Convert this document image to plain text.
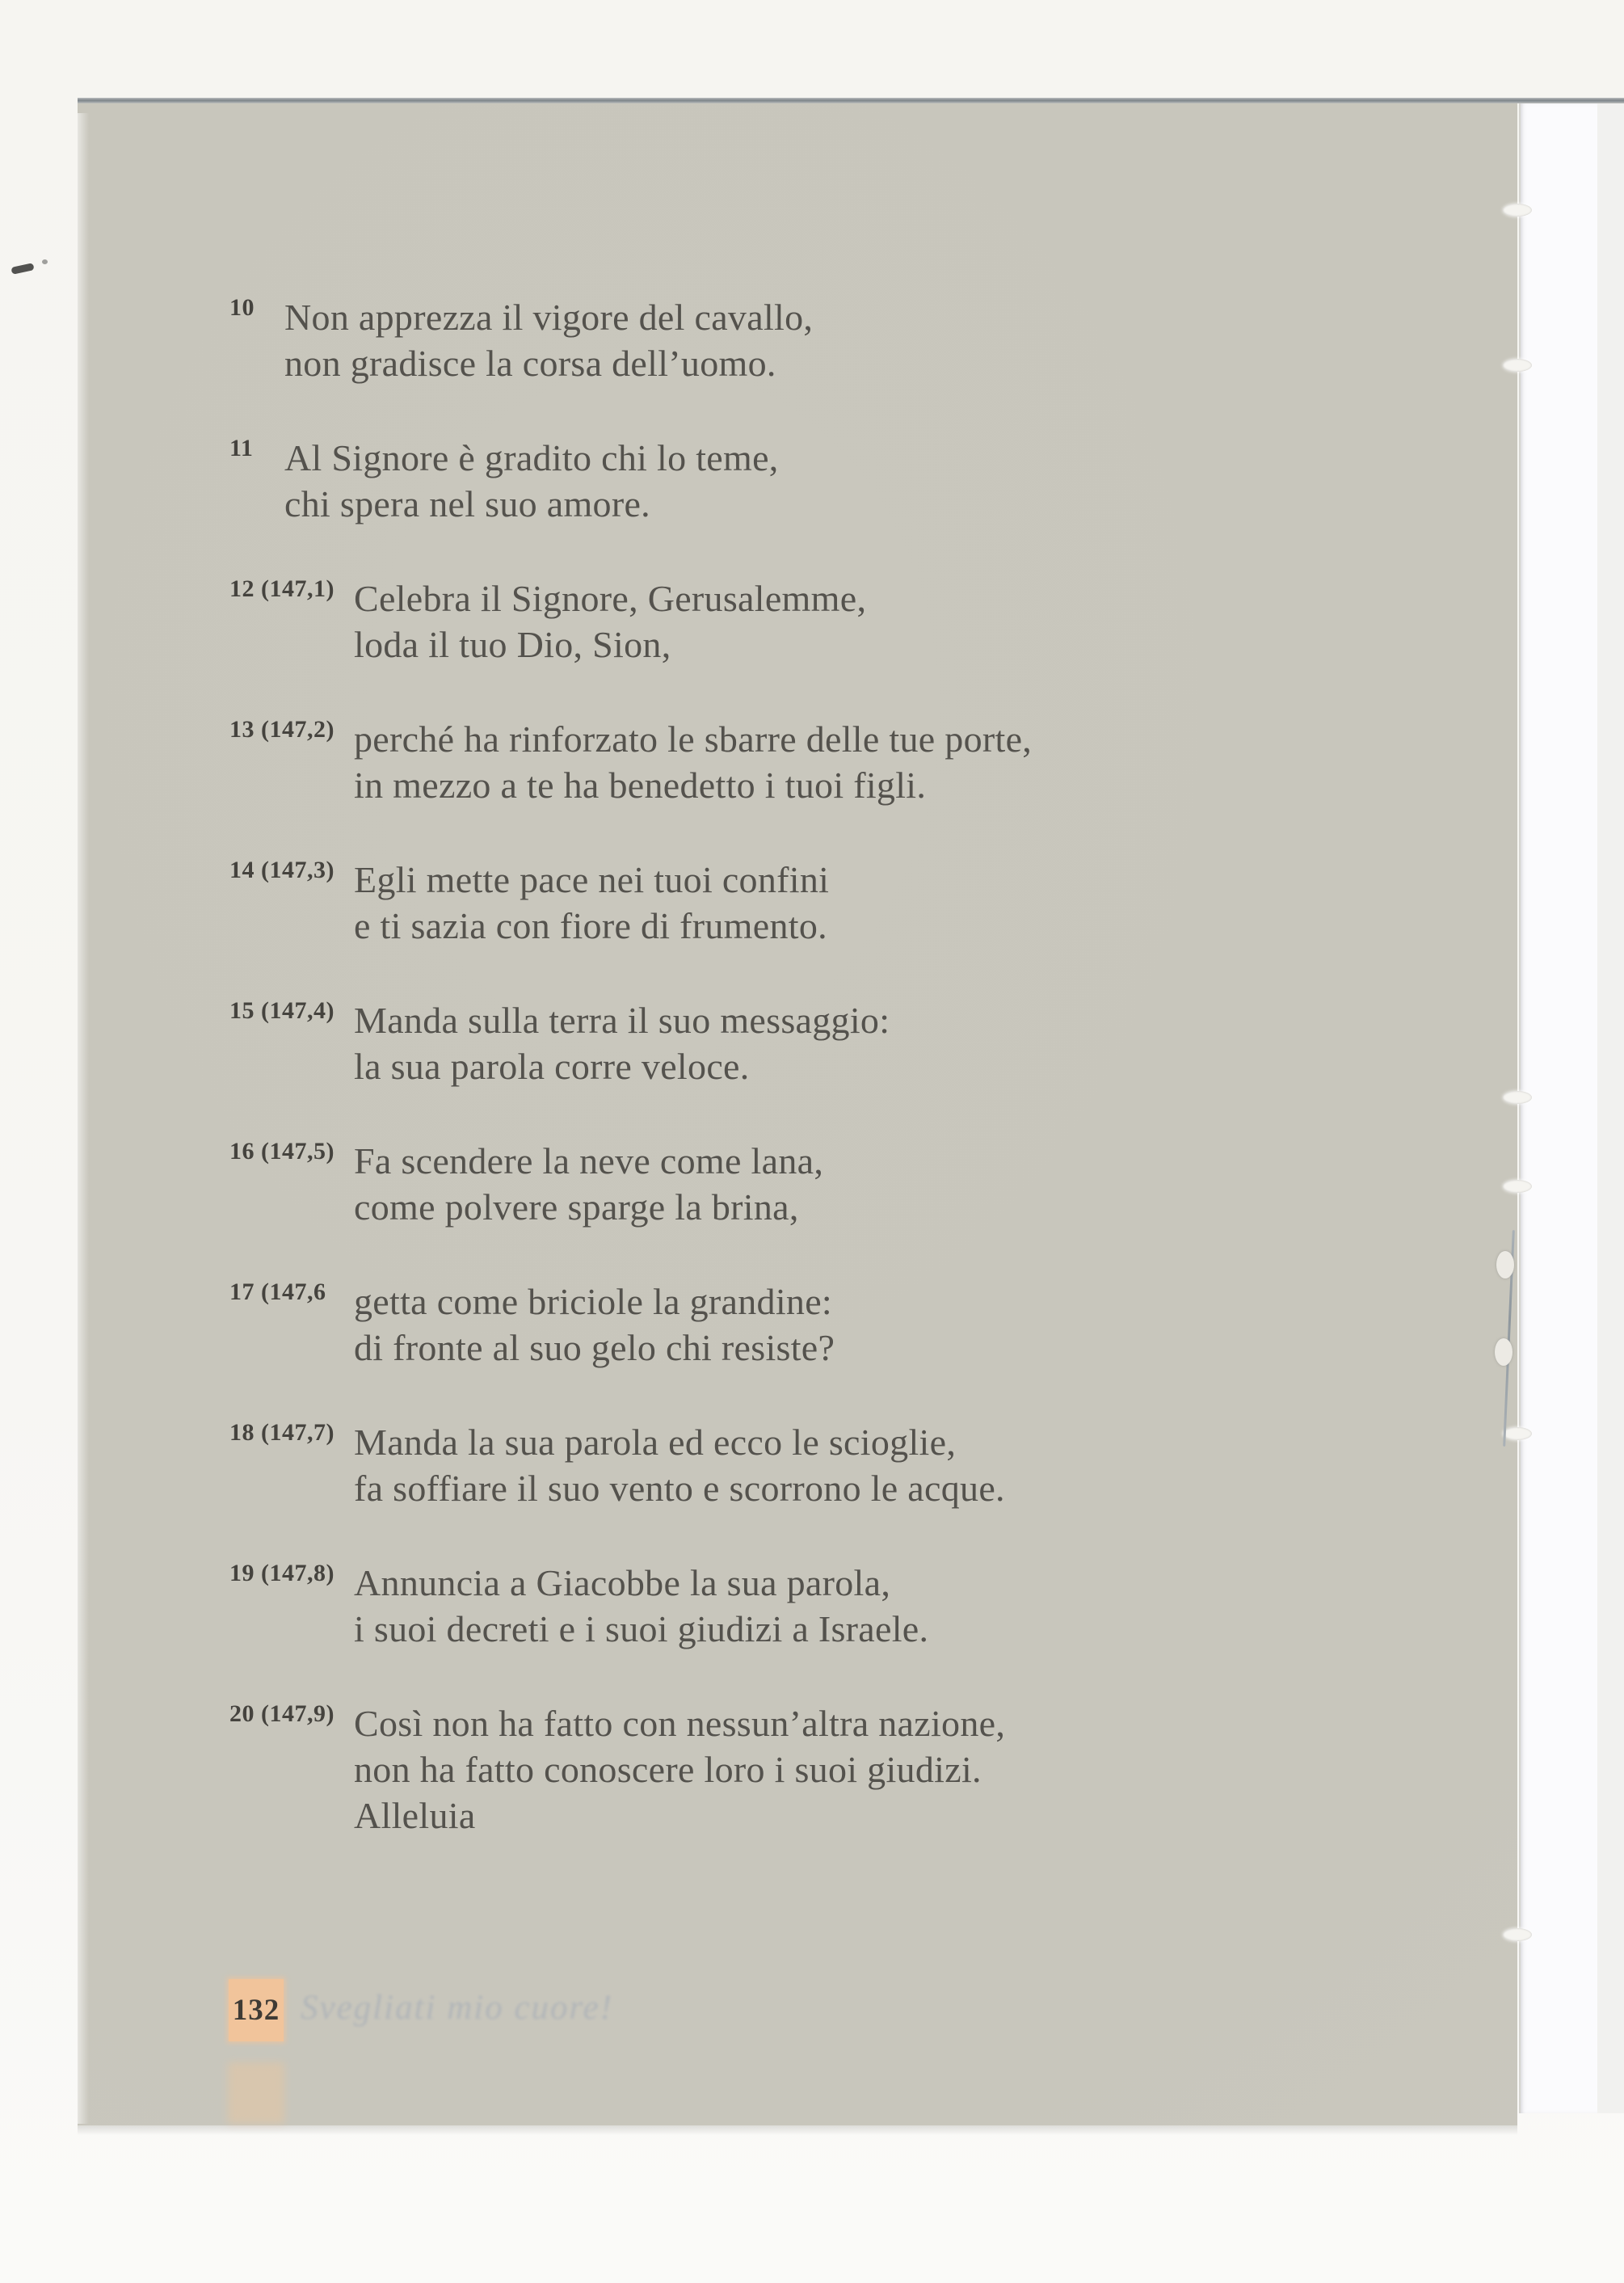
10 Non apprezza il vigore del cavallo,
non gradisce la corsa dell’uomo.
11 Al Signore è gradito chi lo teme,
chi spera nel suo amore.
12 (147,1) Celebra il Signore, Gerusalemme,
loda il tuo Dio, Sion,
13 (147,2) perché ha rinforzato le sbarre delle tue porte,
in mezzo a te ha benedetto i tuoi figli.
14 (147,3) Egli mette pace nei tuoi confini
e ti sazia con fiore di frumento.
15 (147,4) Manda sulla terra il suo messaggio:
la sua parola corre veloce.
16 (147,5) Fa scendere la neve come lana,
come polvere sparge la brina,
17 (147,6 getta come briciole la grandine:
di fronte al suo gelo chi resiste?
18 (147,7) Manda la sua parola ed ecco le scioglie,
fa soffiare il suo vento e scorrono le acque.
19 (147,8) Annuncia a Giacobbe la sua parola,
i suoi decreti e i suoi giudizi a Israele.
20 (147,9) Così non ha fatto con nessun’altra nazione,
non ha fatto conoscere loro i suoi giudizi.
Alleluia
132 Svegliati mio cuore!
